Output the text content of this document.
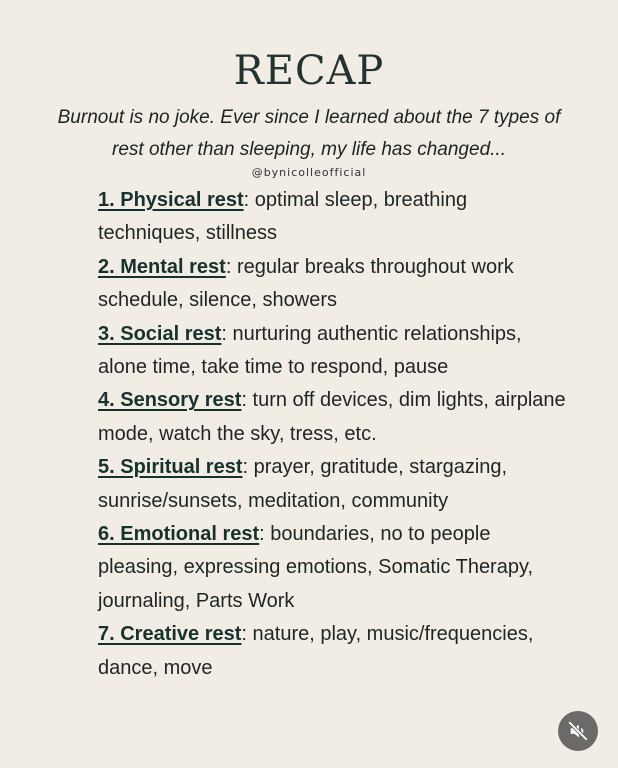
RECAP
Burnout is no joke. Ever since I learned about the 7 types of rest other than sleeping, my life has changed...
@bynicolleofficial
1. Physical rest: optimal sleep, breathing techniques, stillness
2. Mental rest: regular breaks throughout work schedule, silence, showers
3. Social rest: nurturing authentic relationships, alone time, take time to respond, pause
4. Sensory rest: turn off devices, dim lights, airplane mode, watch the sky, tress, etc.
5. Spiritual rest: prayer, gratitude, stargazing, sunrise/sunsets, meditation, community
6. Emotional rest: boundaries, no to people pleasing, expressing emotions, Somatic Therapy, journaling, Parts Work
7. Creative rest: nature, play, music/frequencies, dance, move
